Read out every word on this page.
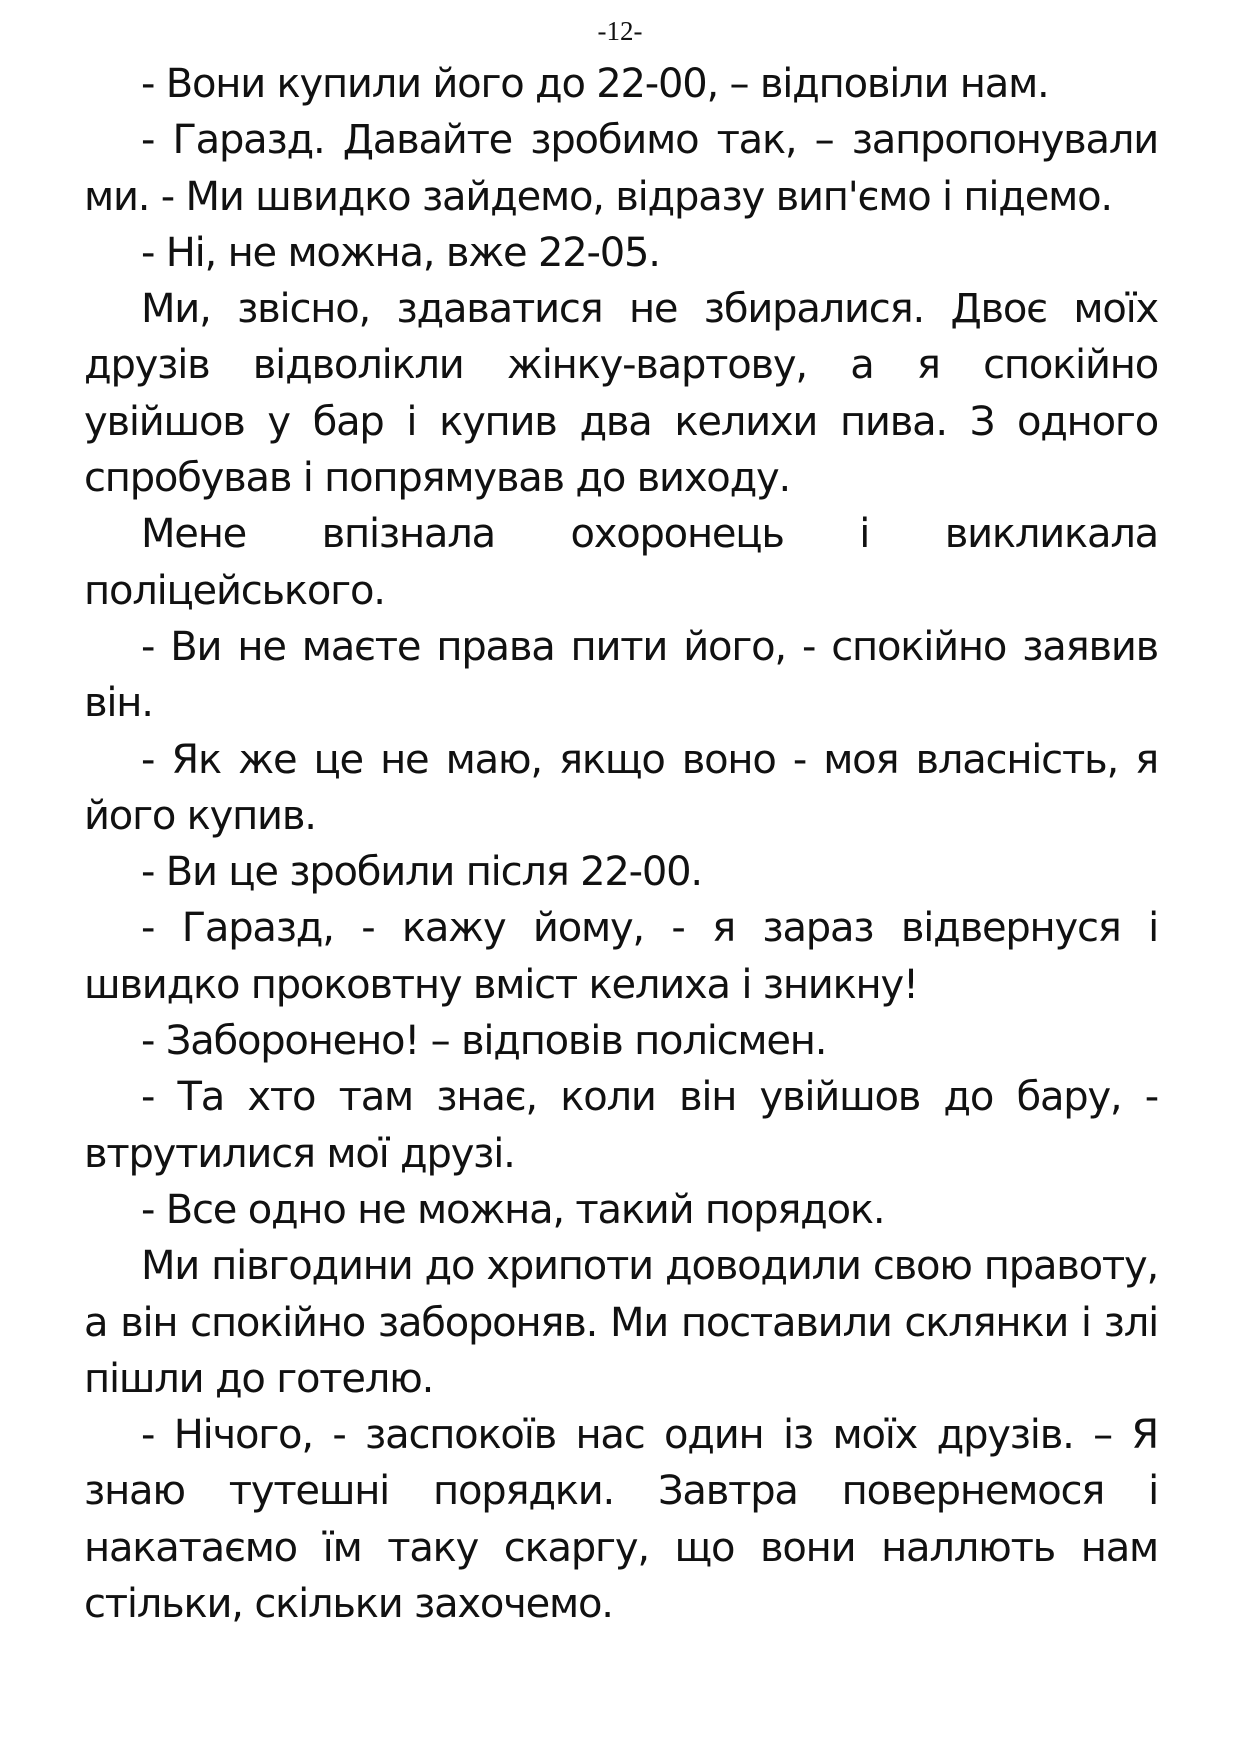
-12-

- Вони купили його до 22-00, – відповіли нам.

- Гаразд. Давайте зробимо так, – запропонували ми. - Ми швидко зайдемо, відразу вип'ємо і підемо.

- Ні, не можна, вже 22-05.

Ми, звісно, здаватися не збиралися. Двоє моїх друзів відволікли жінку-вартову, а я спокійно увійшов у бар і купив два келихи пива. З одного спробував і попрямував до виходу.

Мене впізнала охоронець і викликала поліцейського.

- Ви не маєте права пити його, - спокійно заявив він.

- Як же це не маю, якщо воно - моя власність, я його купив.

- Ви це зробили після 22-00.

- Гаразд, - кажу йому, - я зараз відвернуся і швидко проковтну вміст келиха і зникну!

- Заборонено! – відповів полісмен.

- Та хто там знає, коли він увійшов до бару, - втрутилися мої друзі.

- Все одно не можна, такий порядок.

Ми півгодини до хрипоти доводили свою правоту, а він спокійно забороняв. Ми поставили склянки і злі пішли до готелю.

- Нічого, - заспокоїв нас один із моїх друзів. – Я знаю тутешні порядки. Завтра повернемося і накатаємо їм таку скаргу, що вони наллють нам стільки, скільки захочемо.
